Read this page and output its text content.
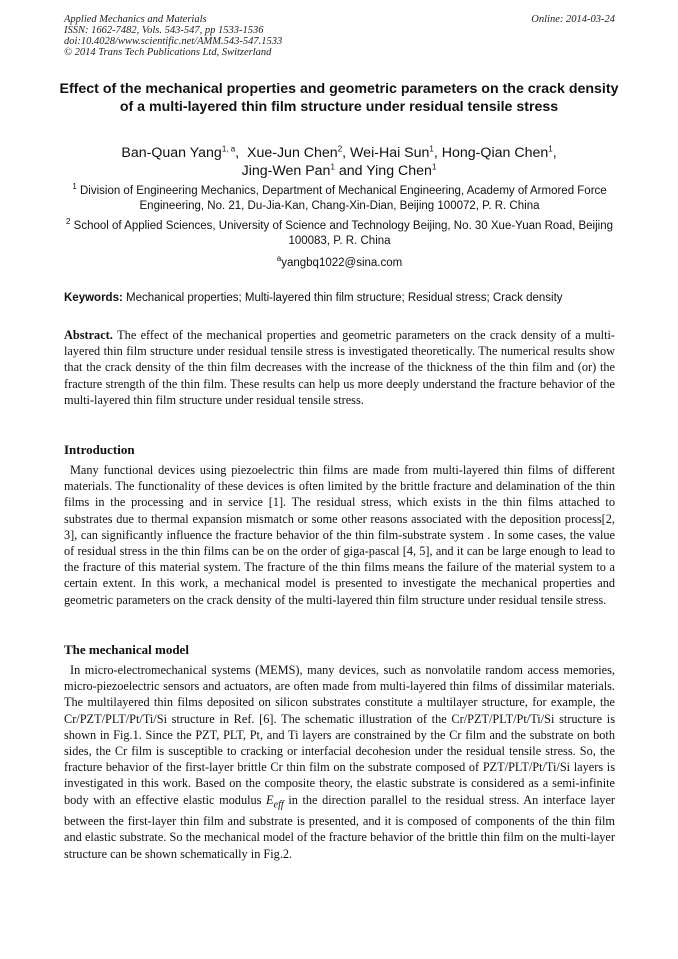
Applied Mechanics and Materials
ISSN: 1662-7482, Vols. 543-547, pp 1533-1536
doi:10.4028/www.scientific.net/AMM.543-547.1533
© 2014 Trans Tech Publications Ltd, Switzerland
Online: 2014-03-24
Effect of the mechanical properties and geometric parameters on the crack density of a multi-layered thin film structure under residual tensile stress
Ban-Quan Yang$^{1, a}$,  Xue-Jun Chen$^2$, Wei-Hai Sun$^1$, Hong-Qian Chen$^1$,
Jing-Wen Pan$^1$ and Ying Chen$^1$
$^1$ Division of Engineering Mechanics, Department of Mechanical Engineering, Academy of Armored Force Engineering, No. 21, Du-Jia-Kan, Chang-Xin-Dian, Beijing 100072, P. R. China
$^2$ School of Applied Sciences, University of Science and Technology Beijing, No. 30 Xue-Yuan Road, Beijing 100083, P. R. China
$^a$yangbq1022@sina.com
Keywords: Mechanical properties; Multi-layered thin film structure; Residual stress; Crack density
Abstract. The effect of the mechanical properties and geometric parameters on the crack density of a multi-layered thin film structure under residual tensile stress is investigated theoretically. The numerical results show that the crack density of the thin film decreases with the increase of the thickness of the thin film and (or) the fracture strength of the thin film. These results can help us more deeply understand the fracture behavior of the multi-layered thin film structure under residual tensile stress.
Introduction
Many functional devices using piezoelectric thin films are made from multi-layered thin films of different materials. The functionality of these devices is often limited by the brittle fracture and delamination of the thin films in the processing and in service [1]. The residual stress, which exists in the thin films attached to substrates due to thermal expansion mismatch or some other reasons associated with the deposition process[2, 3], can significantly influence the fracture behavior of the thin film-substrate system . In some cases, the value of residual stress in the thin films can be on the order of giga-pascal [4, 5], and it can be large enough to lead to the fracture of this material system. The fracture of the thin films means the failure of the material system to a certain extent. In this work, a mechanical model is presented to investigate the mechanical properties and geometric parameters on the crack density of the multi-layered thin film structure under residual tensile stress.
The mechanical model
In micro-electromechanical systems (MEMS), many devices, such as nonvolatile random access memories, micro-piezoelectric sensors and actuators, are often made from multi-layered thin films of dissimilar materials. The multilayered thin films deposited on silicon substrates constitute a multilayer structure, for example, the Cr/PZT/PLT/Pt/Ti/Si structure in Ref. [6]. The schematic illustration of the Cr/PZT/PLT/Pt/Ti/Si structure is shown in Fig.1. Since the PZT, PLT, Pt, and Ti layers are constrained by the Cr film and the substrate on both sides, the Cr film is susceptible to cracking or interfacial decohesion under the residual tensile stress. So, the fracture behavior of the first-layer brittle Cr thin film on the substrate composed of PZT/PLT/Pt/Ti/Si layers is investigated in this work. Based on the composite theory, the elastic substrate is considered as a semi-infinite body with an effective elastic modulus $E_{eff}$ in the direction parallel to the residual stress. An interface layer between the first-layer thin film and substrate is presented, and it is composed of components of the thin film and elastic substrate. So the mechanical model of the fracture behavior of the brittle thin film on the multi-layer structure can be shown schematically in Fig.2.
